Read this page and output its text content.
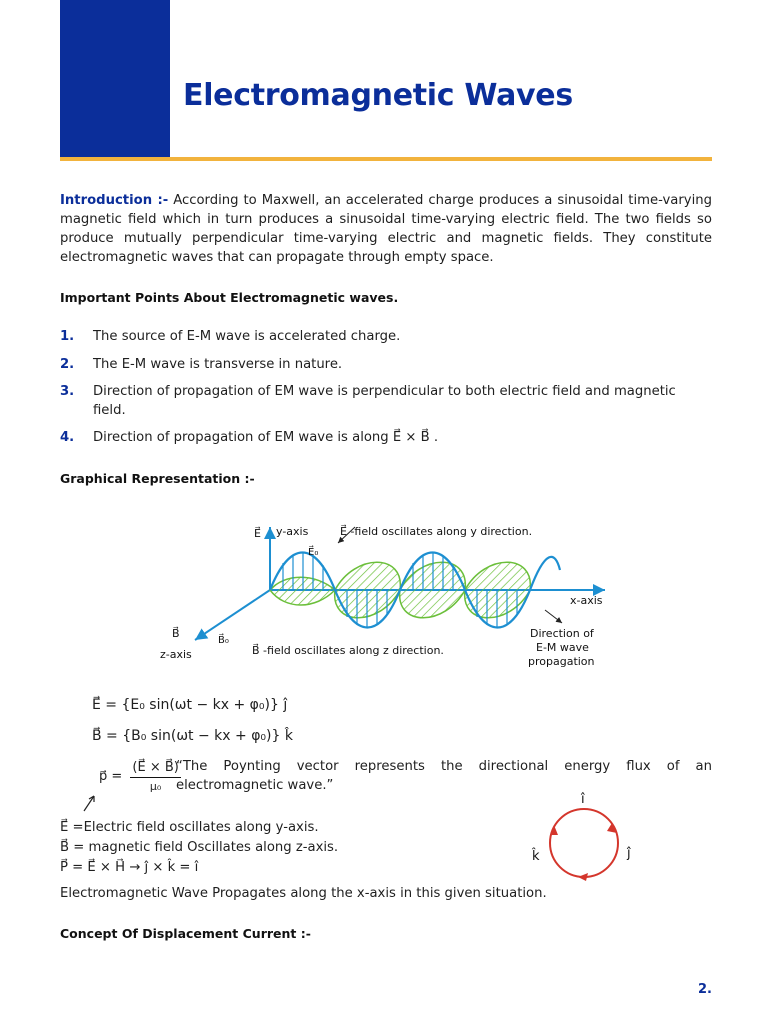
Electromagnetic Waves
Introduction :- According to Maxwell, an accelerated charge produces a sinusoidal time-varying magnetic field which in turn produces a sinusoidal time-varying electric field. The two fields so produce mutually perpendicular time-varying electric and magnetic fields. They constitute electromagnetic waves that can propagate through empty space.
Important Points About Electromagnetic waves.
1. The source of E-M wave is accelerated charge.
2. The E-M wave is transverse in nature.
3. Direction of propagation of EM wave is perpendicular to both electric field and magnetic field.
4. Direction of propagation of EM wave is along E⃗ × B⃗ .
Graphical Representation :-
E⃗ y-axis	E⃗ -field oscillates along y direction.
E⃗₀
x-axis
B⃗
B⃗₀
z-axis	B⃗ -field oscillates along z direction.
Direction of
E-M wave
propagation
E⃗ = {E₀ sin(ωt − kx + φ₀)} ĵ
B⃗ = {B₀ sin(ωt − kx + φ₀)} k̂
p⃗ = $\frac{(E⃗ \times B⃗)}{\text{μ₀}}$
“The Poynting vector represents the directional energy flux of an electromagnetic wave.”
E⃗ =Electric field oscillates along y-axis.
B⃗ = magnetic field Oscillates along z-axis.
P⃗ = E⃗ × H⃗ → ĵ × k̂ = î
î
ĵ
k̂
Electromagnetic Wave Propagates along the x-axis in this given situation.
Concept Of Displacement Current :-
2.
